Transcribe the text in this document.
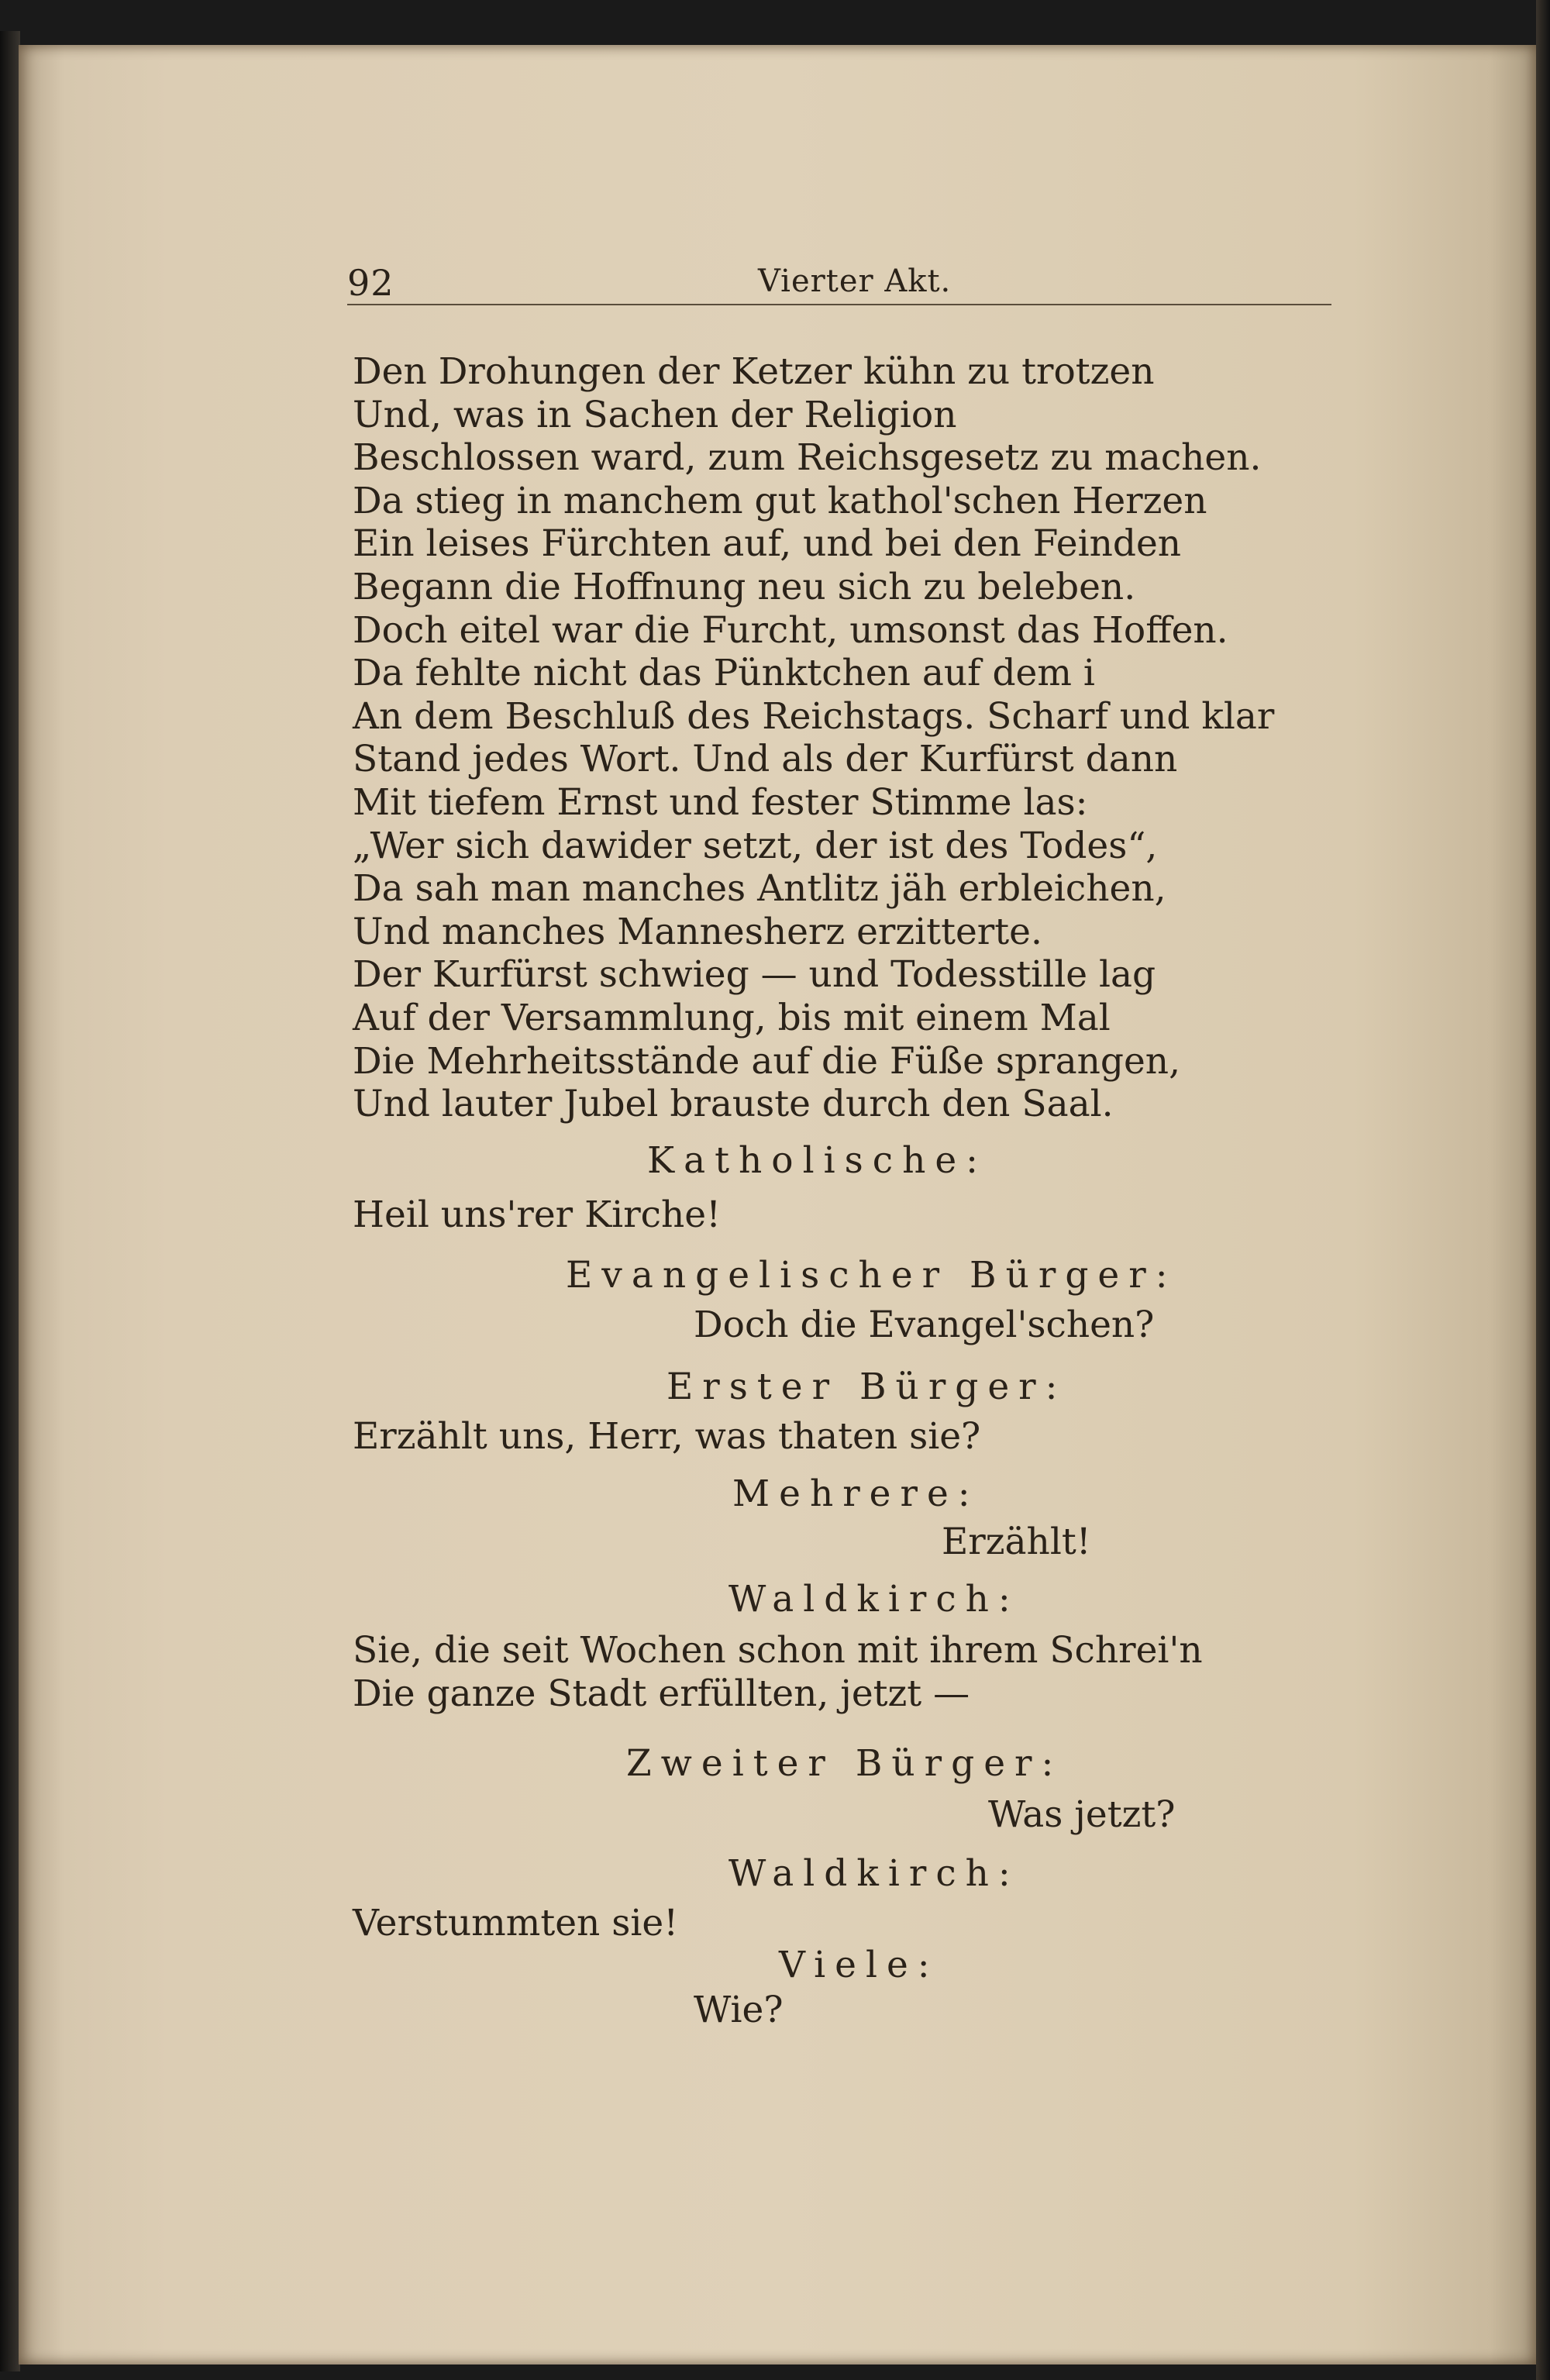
92	Vierter Akt.

Den Drohungen der Ketzer kühn zu trotzen

Und, was in Sachen der Religion

Beschlossen ward, zum Reichsgesetz zu machen.

Da stieg in manchem gut kathol'schen Herzen

Ein leises Fürchten auf, und bei den Feinden

Begann die Hoffnung neu sich zu beleben.

Doch eitel war die Furcht, umsonst das Hoffen.

Da fehlte nicht das Pünktchen auf dem i

An dem Beschluß des Reichstags. Scharf und klar

Stand jedes Wort. Und als der Kurfürst dann

Mit tiefem Ernst und fester Stimme las:

„Wer sich dawider setzt, der ist des Todes“,

Da sah man manches Antlitz jäh erbleichen,

Und manches Mannesherz erzitterte.

Der Kurfürst schwieg — und Todesstille lag

Auf der Versammlung, bis mit einem Mal

Die Mehrheitsstände auf die Füße sprangen,

Und lauter Jubel brauste durch den Saal.

Katholische:
Heil uns'rer Kirche!
Evangelischer Bürger:
Doch die Evangel'schen?
Erster Bürger:
Erzählt uns, Herr, was thaten sie?
Mehrere:
Erzählt!
Waldkirch:
Sie, die seit Wochen schon mit ihrem Schrei'n
Die ganze Stadt erfüllten, jetzt —
Zweiter Bürger:
Was jetzt?
Waldkirch:
Verstummten sie!
Viele:
Wie?
